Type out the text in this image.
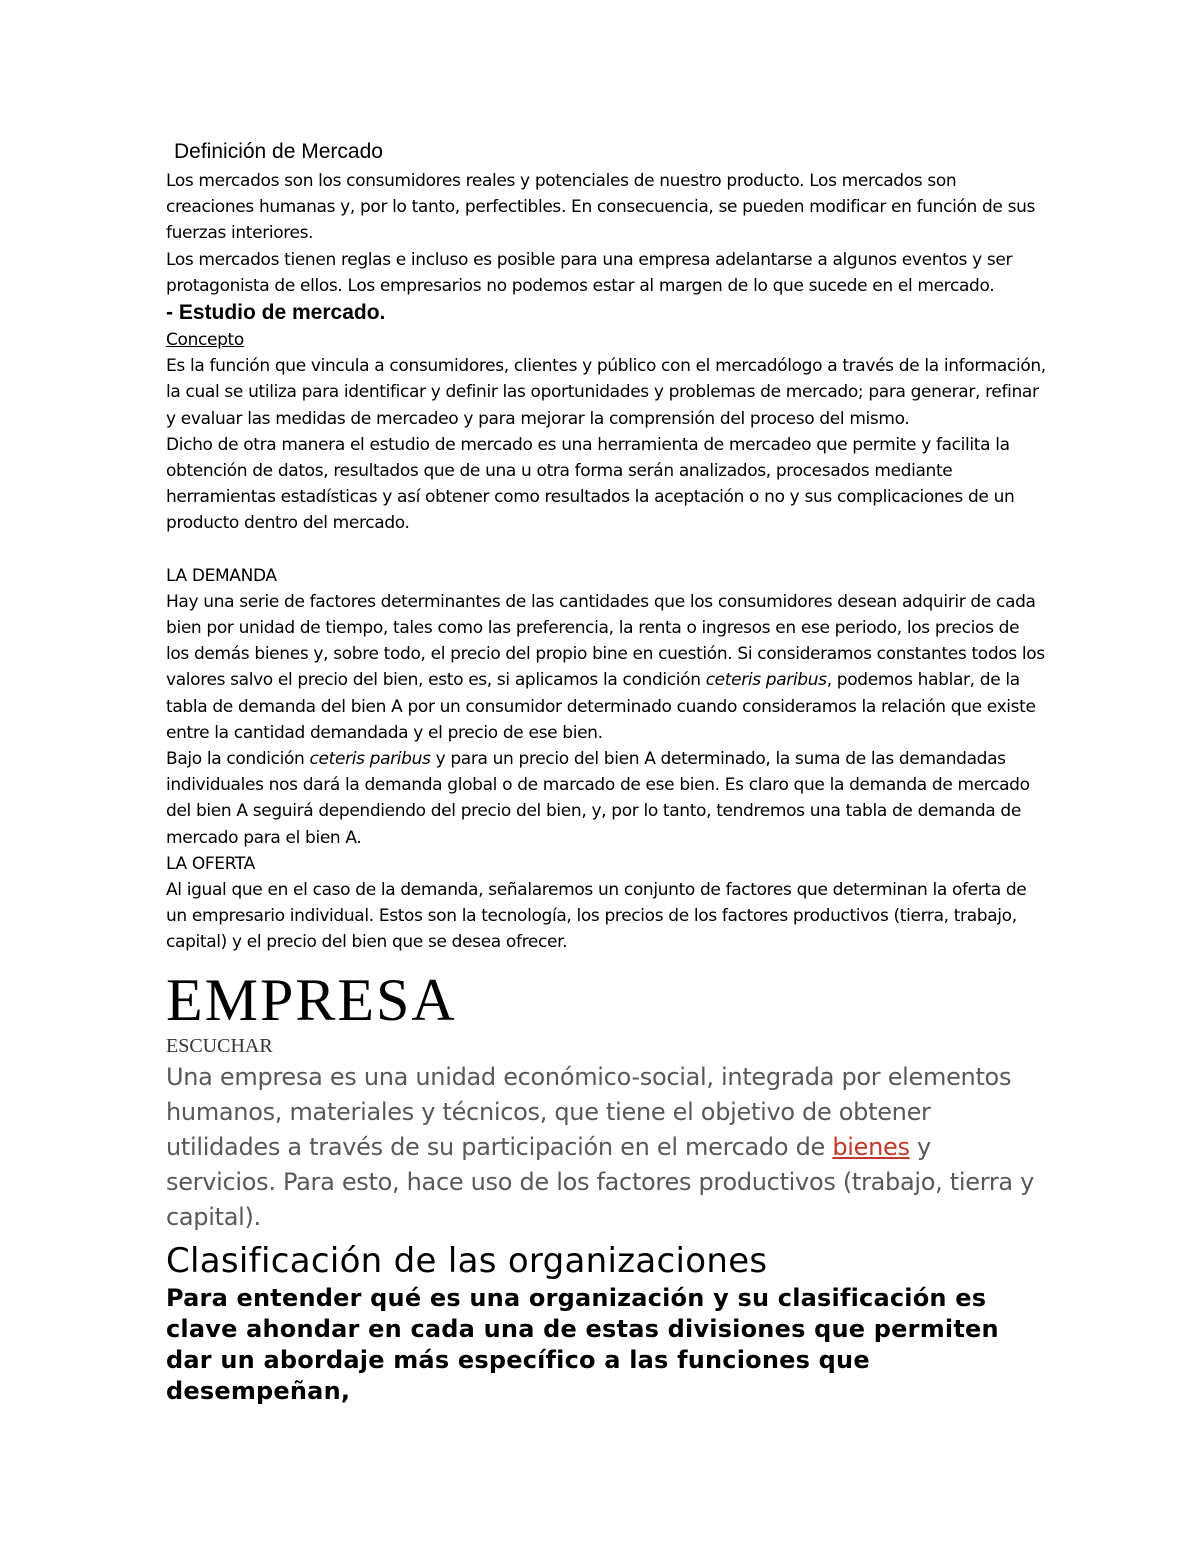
Definición de Mercado

Los mercados son los consumidores reales y potenciales de nuestro producto. Los mercados son creaciones humanas y, por lo tanto, perfectibles. En consecuencia, se pueden modificar en función de sus fuerzas interiores.

Los mercados tienen reglas e incluso es posible para una empresa adelantarse a algunos eventos y ser protagonista de ellos. Los empresarios no podemos estar al margen de lo que sucede en el mercado.

- Estudio de mercado.

Concepto

Es la función que vincula a consumidores, clientes y público con el mercadólogo a través de la información, la cual se utiliza para identificar y definir las oportunidades y problemas de mercado; para generar, refinar y evaluar las medidas de mercadeo y para mejorar la comprensión del proceso del mismo.

Dicho de otra manera el estudio de mercado es una herramienta de mercadeo que permite y facilita la obtención de datos, resultados que de una u otra forma serán analizados, procesados mediante herramientas estadísticas y así obtener como resultados la aceptación o no y sus complicaciones de un producto dentro del mercado.

LA DEMANDA

Hay una serie de factores determinantes de las cantidades que los consumidores desean adquirir de cada bien por unidad de tiempo, tales como las preferencia, la renta o ingresos en ese periodo, los precios de los demás bienes y, sobre todo, el precio del propio bine en cuestión. Si consideramos constantes todos los valores salvo el precio del bien, esto es, si aplicamos la condición ceteris paribus, podemos hablar, de la tabla de demanda del bien A por un consumidor determinado cuando consideramos la relación que existe entre la cantidad demandada y el precio de ese bien.

Bajo la condición ceteris paribus y para un precio del bien A determinado, la suma de las demandadas individuales nos dará la demanda global o de marcado de ese bien. Es claro que la demanda de mercado del bien A seguirá dependiendo del precio del bien, y, por lo tanto, tendremos una tabla de demanda de mercado para el bien A.

LA OFERTA

Al igual que en el caso de la demanda, señalaremos un conjunto de factores que determinan la oferta de un empresario individual. Estos son la tecnología, los precios de los factores productivos (tierra, trabajo, capital) y el precio del bien que se desea ofrecer.

EMPRESA

ESCUCHAR

Una empresa es una unidad económico-social, integrada por elementos humanos, materiales y técnicos, que tiene el objetivo de obtener utilidades a través de su participación en el mercado de bienes y servicios. Para esto, hace uso de los factores productivos (trabajo, tierra y capital).

Clasificación de las organizaciones

Para entender qué es una organización y su clasificación es clave ahondar en cada una de estas divisiones que permiten dar un abordaje más específico a las funciones que desempeñan,
